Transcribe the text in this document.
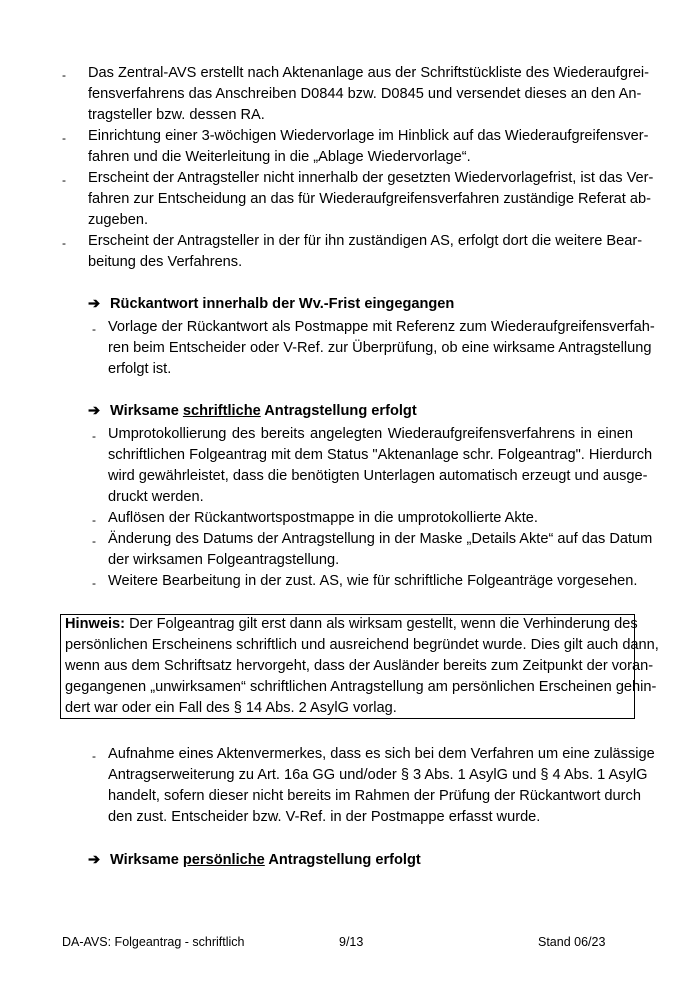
- Das Zentral-AVS erstellt nach Aktenanlage aus der Schriftstückliste des Wiederaufgrei-
fensverfahrens das Anschreiben D0844 bzw. D0845 und versendet dieses an den An-
tragsteller bzw. dessen RA.
- Einrichtung einer 3-wöchigen Wiedervorlage im Hinblick auf das Wiederaufgreifensver-
fahren und die Weiterleitung in die „Ablage Wiedervorlage“.
- Erscheint der Antragsteller nicht innerhalb der gesetzten Wiedervorlagefrist, ist das Ver-
fahren zur Entscheidung an das für Wiederaufgreifensverfahren zuständige Referat ab-
zugeben.
- Erscheint der Antragsteller in der für ihn zuständigen AS, erfolgt dort die weitere Bear-
beitung des Verfahrens.
➔ Rückantwort innerhalb der Wv.-Frist eingegangen
- Vorlage der Rückantwort als Postmappe mit Referenz zum Wiederaufgreifensverfah-
ren beim Entscheider oder V-Ref. zur Überprüfung, ob eine wirksame Antragstellung
erfolgt ist.
➔ Wirksame schriftliche Antragstellung erfolgt
- Umprotokollierung des bereits angelegten Wiederaufgreifensverfahrens in einen
schriftlichen Folgeantrag mit dem Status "Aktenanlage schr. Folgeantrag". Hierdurch
wird gewährleistet, dass die benötigten Unterlagen automatisch erzeugt und ausge-
druckt werden.
- Auflösen der Rückantwortspostmappe in die umprotokollierte Akte.
- Änderung des Datums der Antragstellung in der Maske „Details Akte“ auf das Datum
der wirksamen Folgeantragstellung.
- Weitere Bearbeitung in der zust. AS, wie für schriftliche Folgeanträge vorgesehen.
Hinweis: Der Folgeantrag gilt erst dann als wirksam gestellt, wenn die Verhinderung des
persönlichen Erscheinens schriftlich und ausreichend begründet wurde. Dies gilt auch dann,
wenn aus dem Schriftsatz hervorgeht, dass der Ausländer bereits zum Zeitpunkt der voran-
gegangenen „unwirksamen“ schriftlichen Antragstellung am persönlichen Erscheinen gehin-
dert war oder ein Fall des § 14 Abs. 2 AsylG vorlag.
- Aufnahme eines Aktenvermerkes, dass es sich bei dem Verfahren um eine zulässige
Antragserweiterung zu Art. 16a GG und/oder § 3 Abs. 1 AsylG und § 4 Abs. 1 AsylG
handelt, sofern dieser nicht bereits im Rahmen der Prüfung der Rückantwort durch
den zust. Entscheider bzw. V-Ref. in der Postmappe erfasst wurde.
➔ Wirksame persönliche Antragstellung erfolgt
DA-AVS: Folgeantrag - schriftlich	9/13	Stand 06/23
